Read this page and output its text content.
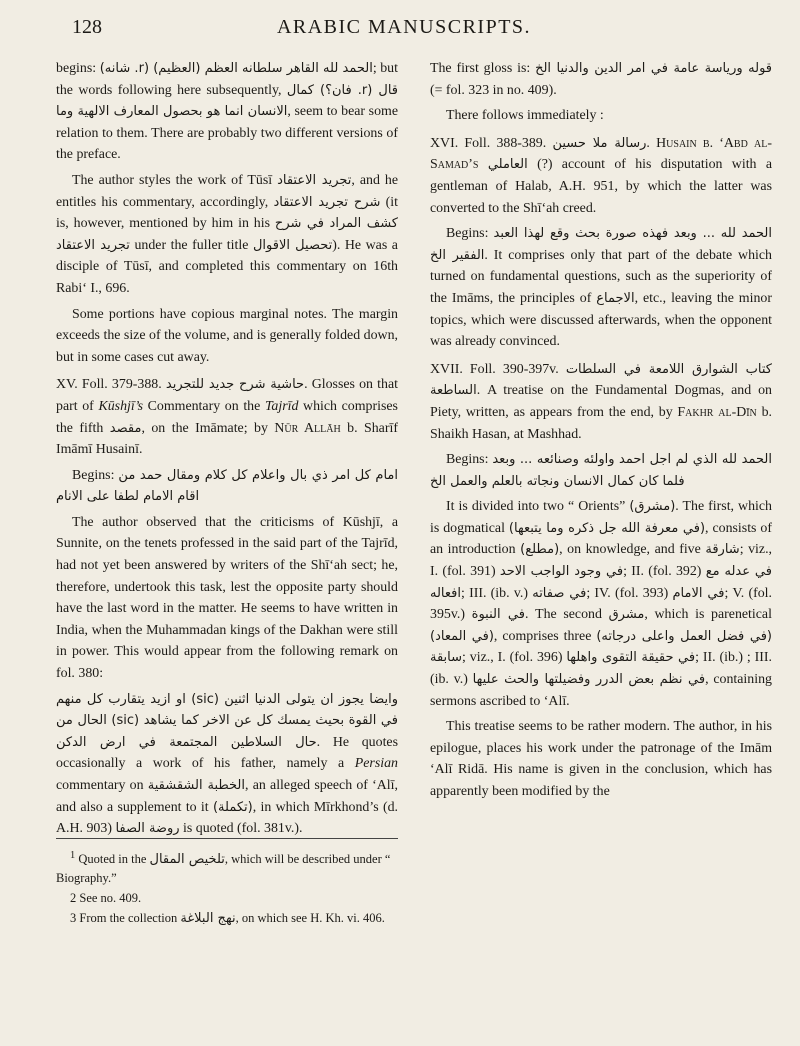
128	ARABIC MANUSCRIPTS.

begins: الحمد لله القاهر سلطانه العظم (العظيم) (r. شانه); but the words following here subsequently, قال (r. فان؟) كمال الانسان انما هو بحصول المعارف الالهية وما, seem to bear some relation to them. There are probably two different versions of the preface.

The author styles the work of Tūsī تجريد الاعتقاد, and he entitles his commentary, accordingly, شرح تجريد الاعتقاد (it is, however, mentioned by him in his كشف المراد في شرح تجريد الاعتقاد under the fuller title تحصيل الاقوال). He was a disciple of Tūsī, and completed this commentary on 16th Rabi‘ I., 696.

Some portions have copious marginal notes. The margin exceeds the size of the volume, and is generally folded down, but in some cases cut away.

XV. Foll. 379-388. حاشية شرح جديد للتجريد. Glosses on that part of Kūshjī’s Commentary on the Tajrīd which comprises the fifth مقصد, on the Imāmate; by Nūr Allāh b. Sharīf Imāmī Husainī.

Begins: امام كل امر ذي بال واعلام كل كلام ومقال حمد من اقام الامام لطفا على الانام

The author observed that the criticisms of Kūshjī, a Sunnite, on the tenets professed in the said part of the Tajrīd, had not yet been answered by writers of the Shī‘ah sect; he, therefore, undertook this task, lest the opposite party should have the last word in the matter. He seems to have written in India, when the Muhammadan kings of the Dakhan were still in power. This would appear from the following remark on fol. 380:

وايضا يجوز ان يتولى الدنيا اثنين (sic) او ازيد يتقارب كل منهم في القوة بحيث يمسك كل عن الاخر كما يشاهد (sic) الحال من حال السلاطين المجتمعة في ارض الدكن. He quotes occasionally a work of his father, namely a Persian commentary on الخطبة الشقشقية, an alleged speech of ‘Alī, and also a supplement to it (تكملة), in which Mīrkhond’s (d. A.H. 903) روضة الصفا is quoted (fol. 381v.).

$^1$ Quoted in the تلخيص المقال, which will be described under “ Biography.”

2 See no. 409.

3 From the collection نهج البلاغة, on which see H. Kh. vi. 406.

The first gloss is: قوله ورياسة عامة في امر الدين والدنيا الخ (= fol. 323 in no. 409).

There follows immediately :

XVI. Foll. 388-389. رسالة ملا حسين. Husain b. ‘Abd al-Samad’s العاملي (?) account of his disputation with a gentleman of Halab, A.H. 951, by which the latter was converted to the Shī‘ah creed.

Begins: الحمد لله ... وبعد فهذه صورة بحث وقع لهذا العبد الفقير الخ. It comprises only that part of the debate which turned on fundamental questions, such as the superiority of the Imāms, the principles of الاجماع, etc., leaving the minor topics, which were discussed afterwards, when the opponent was already convinced.

XVII. Foll. 390-397v. كتاب الشوارق اللامعة في السلطات الساطعة. A treatise on the Fundamental Dogmas, and on Piety, written, as appears from the end, by Fakhr al-Dīn b. Shaikh Hasan, at Mashhad.

Begins: الحمد لله الذي لم اجل احمد واولئه وصنائعه ... وبعد فلما كان كمال الانسان ونجاته بالعلم والعمل الخ

It is divided into two “ Orients” (مشرق). The first, which is dogmatical (في معرفة الله جل ذكره وما يتبعها), consists of an introduction (مطلع), on knowledge, and five شارقة; viz., I. (fol. 391) في وجود الواجب الاحد; II. (fol. 392) في عدله مع افعاله; III. (ib. v.) في صفاته; IV. (fol. 393) في الامام; V. (fol. 395v.) في النبوة. The second مشرق, which is parenetical (في المعاد), comprises three (في فضل العمل واعلى درجاته) سابقة; viz., I. (fol. 396) في حقيقة التقوى واهلها; II. (ib.) ; III. (ib. v.) في نظم بعض الدرر وفضيلتها والحث عليها, containing sermons ascribed to ‘Alī.

This treatise seems to be rather modern. The author, in his epilogue, places his work under the patronage of the Imām ‘Alī Ridā. His name is given in the conclusion, which has apparently been modified by the
